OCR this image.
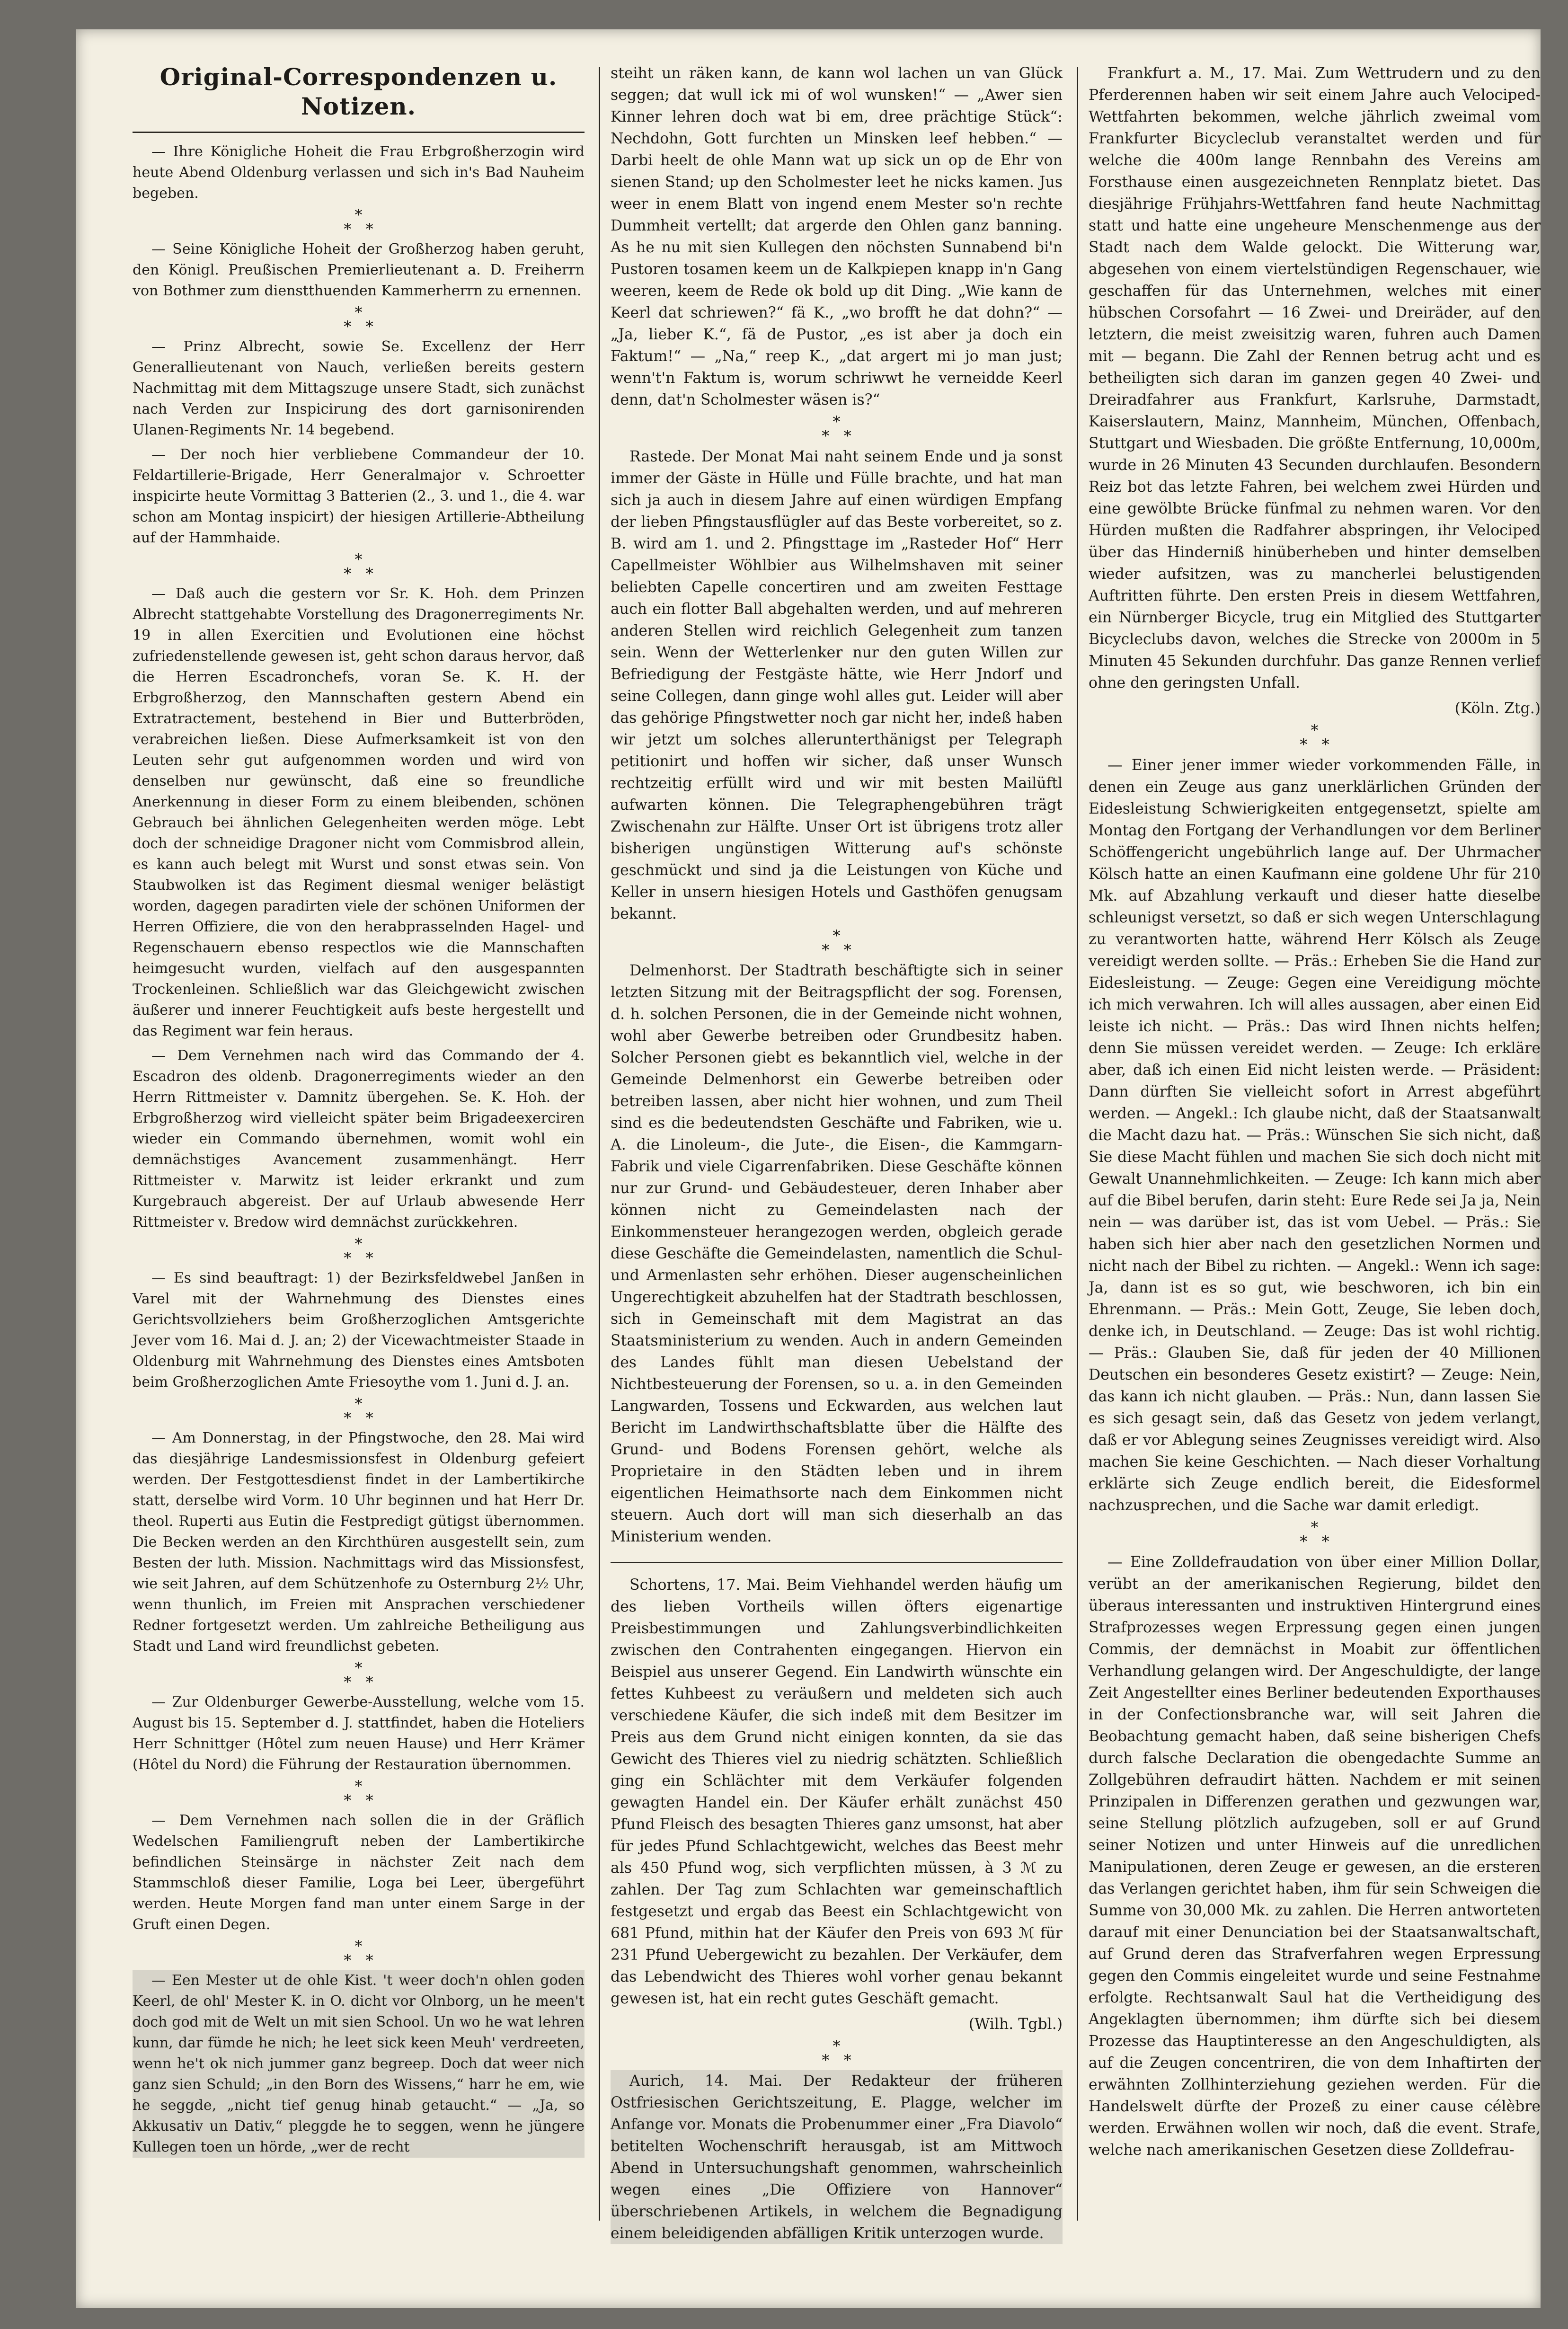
Original-Correspondenzen u. Notizen.

— Ihre Königliche Hoheit die Frau Erbgroßherzogin wird heute Abend Oldenburg verlassen und sich in's Bad Nauheim begeben.

*
*   *

— Seine Königliche Hoheit der Großherzog haben geruht, den Königl. Preußischen Premierlieutenant a. D. Freiherrn von Bothmer zum dienstthuenden Kammerherrn zu ernennen.

*
*   *

— Prinz Albrecht, sowie Se. Excellenz der Herr Generallieutenant von Nauch, verließen bereits gestern Nachmittag mit dem Mittagszuge unsere Stadt, sich zunächst nach Verden zur Inspicirung des dort garnisonirenden Ulanen-Regiments Nr. 14 begebend.

— Der noch hier verbliebene Commandeur der 10. Feldartillerie-Brigade, Herr Generalmajor v. Schroetter inspicirte heute Vormittag 3 Batterien (2., 3. und 1., die 4. war schon am Montag inspicirt) der hiesigen Artillerie-Abtheilung auf der Hammhaide.

*
*   *

— Daß auch die gestern vor Sr. K. Hoh. dem Prinzen Albrecht stattgehabte Vorstellung des Dragonerregiments Nr. 19 in allen Exercitien und Evolutionen eine höchst zufriedenstellende gewesen ist, geht schon daraus hervor, daß die Herren Escadronchefs, voran Se. K. H. der Erbgroßherzog, den Mannschaften gestern Abend ein Extratractement, bestehend in Bier und Butterbröden, verabreichen ließen. Diese Aufmerksamkeit ist von den Leuten sehr gut aufgenommen worden und wird von denselben nur gewünscht, daß eine so freundliche Anerkennung in dieser Form zu einem bleibenden, schönen Gebrauch bei ähnlichen Gelegenheiten werden möge. Lebt doch der schneidige Dragoner nicht vom Commisbrod allein, es kann auch belegt mit Wurst und sonst etwas sein. Von Staubwolken ist das Regiment diesmal weniger belästigt worden, dagegen paradirten viele der schönen Uniformen der Herren Offiziere, die von den herabprasselnden Hagel- und Regenschauern ebenso respectlos wie die Mannschaften heimgesucht wurden, vielfach auf den ausgespannten Trockenleinen. Schließlich war das Gleichgewicht zwischen äußerer und innerer Feuchtigkeit aufs beste hergestellt und das Regiment war fein heraus.

— Dem Vernehmen nach wird das Commando der 4. Escadron des oldenb. Dragonerregiments wieder an den Herrn Rittmeister v. Damnitz übergehen. Se. K. Hoh. der Erbgroßherzog wird vielleicht später beim Brigadeexerciren wieder ein Commando übernehmen, womit wohl ein demnächstiges Avancement zusammenhängt. Herr Rittmeister v. Marwitz ist leider erkrankt und zum Kurgebrauch abgereist. Der auf Urlaub abwesende Herr Rittmeister v. Bredow wird demnächst zurückkehren.

*
*   *

— Es sind beauftragt: 1) der Bezirksfeldwebel Janßen in Varel mit der Wahrnehmung des Dienstes eines Gerichtsvollziehers beim Großherzoglichen Amtsgerichte Jever vom 16. Mai d. J. an; 2) der Vicewachtmeister Staade in Oldenburg mit Wahrnehmung des Dienstes eines Amtsboten beim Großherzoglichen Amte Friesoythe vom 1. Juni d. J. an.

*
*   *

— Am Donnerstag, in der Pfingstwoche, den 28. Mai wird das diesjährige Landesmissionsfest in Oldenburg gefeiert werden. Der Festgottesdienst findet in der Lambertikirche statt, derselbe wird Vorm. 10 Uhr beginnen und hat Herr Dr. theol. Ruperti aus Eutin die Festpredigt gütigst übernommen. Die Becken werden an den Kirchthüren ausgestellt sein, zum Besten der luth. Mission. Nachmittags wird das Missionsfest, wie seit Jahren, auf dem Schützenhofe zu Osternburg 2½ Uhr, wenn thunlich, im Freien mit Ansprachen verschiedener Redner fortgesetzt werden. Um zahlreiche Betheiligung aus Stadt und Land wird freundlichst gebeten.

*
*   *

— Zur Oldenburger Gewerbe-Ausstellung, welche vom 15. August bis 15. September d. J. stattfindet, haben die Hoteliers Herr Schnittger (Hôtel zum neuen Hause) und Herr Krämer (Hôtel du Nord) die Führung der Restauration übernommen.

*
*   *

— Dem Vernehmen nach sollen die in der Gräflich Wedelschen Familiengruft neben der Lambertikirche befindlichen Steinsärge in nächster Zeit nach dem Stammschloß dieser Familie, Loga bei Leer, übergeführt werden. Heute Morgen fand man unter einem Sarge in der Gruft einen Degen.

*
*   *

— Een Mester ut de ohle Kist. 't weer doch'n ohlen goden Keerl, de ohl' Mester K. in O. dicht vor Olnborg, un he meen't doch god mit de Welt un mit sien School. Un wo he wat lehren kunn, dar fümde he nich; he leet sick keen Meuh' verdreeten, wenn he't ok nich jummer ganz begreep. Doch dat weer nich ganz sien Schuld; „in den Born des Wissens,“ harr he em, wie he seggde, „nicht tief genug hinab getaucht.“ — „Ja, so Akkusativ un Dativ,“ pleggde he to seggen, wenn he jüngere Kullegen toen un hörde, „wer de recht

steiht un räken kann, de kann wol lachen un van Glück seggen; dat wull ick mi of wol wunsken!“ — „Awer sien Kinner lehren doch wat bi em, dree prächtige Stück“: Nechdohn, Gott furchten un Minsken leef hebben.“ — Darbi heelt de ohle Mann wat up sick un op de Ehr von sienen Stand; up den Scholmester leet he nicks kamen. Jus weer in enem Blatt von ingend enem Mester so'n rechte Dummheit vertellt; dat argerde den Ohlen ganz banning. As he nu mit sien Kullegen den nöchsten Sunnabend bi'n Pustoren tosamen keem un de Kalkpiepen knapp in'n Gang weeren, keem de Rede ok bold up dit Ding. „Wie kann de Keerl dat schriewen?“ fä K., „wo brofft he dat dohn?“ — „Ja, lieber K.“, fä de Pustor, „es ist aber ja doch ein Faktum!“ — „Na,“ reep K., „dat argert mi jo man just; wenn't'n Faktum is, worum schriwwt he verneidde Keerl denn, dat'n Scholmester wäsen is?“

*
*   *

Rastede. Der Monat Mai naht seinem Ende und ja sonst immer der Gäste in Hülle und Fülle brachte, und hat man sich ja auch in diesem Jahre auf einen würdigen Empfang der lieben Pfingstausflügler auf das Beste vorbereitet, so z. B. wird am 1. und 2. Pfingsttage im „Rasteder Hof“ Herr Capellmeister Wöhlbier aus Wilhelmshaven mit seiner beliebten Capelle concertiren und am zweiten Festtage auch ein flotter Ball abgehalten werden, und auf mehreren anderen Stellen wird reichlich Gelegenheit zum tanzen sein. Wenn der Wetterlenker nur den guten Willen zur Befriedigung der Festgäste hätte, wie Herr Jndorf und seine Collegen, dann ginge wohl alles gut. Leider will aber das gehörige Pfingstwetter noch gar nicht her, indeß haben wir jetzt um solches allerunterthänigst per Telegraph petitionirt und hoffen wir sicher, daß unser Wunsch rechtzeitig erfüllt wird und wir mit besten Mailüftl aufwarten können. Die Telegraphengebühren trägt Zwischenahn zur Hälfte. Unser Ort ist übrigens trotz aller bisherigen ungünstigen Witterung auf's schönste geschmückt und sind ja die Leistungen von Küche und Keller in unsern hiesigen Hotels und Gasthöfen genugsam bekannt.

*
*   *

Delmenhorst. Der Stadtrath beschäftigte sich in seiner letzten Sitzung mit der Beitragspflicht der sog. Forensen, d. h. solchen Personen, die in der Gemeinde nicht wohnen, wohl aber Gewerbe betreiben oder Grundbesitz haben. Solcher Personen giebt es bekanntlich viel, welche in der Gemeinde Delmenhorst ein Gewerbe betreiben oder betreiben lassen, aber nicht hier wohnen, und zum Theil sind es die bedeutendsten Geschäfte und Fabriken, wie u. A. die Linoleum-, die Jute-, die Eisen-, die Kammgarn-Fabrik und viele Cigarrenfabriken. Diese Geschäfte können nur zur Grund- und Gebäudesteuer, deren Inhaber aber können nicht zu Gemeindelasten nach der Einkommensteuer herangezogen werden, obgleich gerade diese Geschäfte die Gemeindelasten, namentlich die Schul- und Armenlasten sehr erhöhen. Dieser augenscheinlichen Ungerechtigkeit abzuhelfen hat der Stadtrath beschlossen, sich in Gemeinschaft mit dem Magistrat an das Staatsministerium zu wenden. Auch in andern Gemeinden des Landes fühlt man diesen Uebelstand der Nichtbesteuerung der Forensen, so u. a. in den Gemeinden Langwarden, Tossens und Eckwarden, aus welchen laut Bericht im Landwirthschaftsblatte über die Hälfte des Grund- und Bodens Forensen gehört, welche als Proprietaire in den Städten leben und in ihrem eigentlichen Heimathsorte nach dem Einkommen nicht steuern. Auch dort will man sich dieserhalb an das Ministerium wenden.

Schortens, 17. Mai. Beim Viehhandel werden häufig um des lieben Vortheils willen öfters eigenartige Preisbestimmungen und Zahlungsverbindlichkeiten zwischen den Contrahenten eingegangen. Hiervon ein Beispiel aus unserer Gegend. Ein Landwirth wünschte ein fettes Kuhbeest zu veräußern und meldeten sich auch verschiedene Käufer, die sich indeß mit dem Besitzer im Preis aus dem Grund nicht einigen konnten, da sie das Gewicht des Thieres viel zu niedrig schätzten. Schließlich ging ein Schlächter mit dem Verkäufer folgenden gewagten Handel ein. Der Käufer erhält zunächst 450 Pfund Fleisch des besagten Thieres ganz umsonst, hat aber für jedes Pfund Schlachtgewicht, welches das Beest mehr als 450 Pfund wog, sich verpflichten müssen, à 3 ℳ zu zahlen. Der Tag zum Schlachten war gemeinschaftlich festgesetzt und ergab das Beest ein Schlachtgewicht von 681 Pfund, mithin hat der Käufer den Preis von 693 ℳ für 231 Pfund Uebergewicht zu bezahlen. Der Verkäufer, dem das Lebendwicht des Thieres wohl vorher genau bekannt gewesen ist, hat ein recht gutes Geschäft gemacht.

(Wilh. Tgbl.)
*
*   *

Aurich, 14. Mai. Der Redakteur der früheren Ostfriesischen Gerichtszeitung, E. Plagge, welcher im Anfange vor. Monats die Probenummer einer „Fra Diavolo“ betitelten Wochenschrift herausgab, ist am Mittwoch Abend in Untersuchungshaft genommen, wahrscheinlich wegen eines „Die Offiziere von Hannover“ überschriebenen Artikels, in welchem die Begnadigung einem beleidigenden abfälligen Kritik unterzogen wurde.

Frankfurt a. M., 17. Mai. Zum Wettrudern und zu den Pferderennen haben wir seit einem Jahre auch Velociped-Wettfahrten bekommen, welche jährlich zweimal vom Frankfurter Bicycleclub veranstaltet werden und für welche die 400m lange Rennbahn des Vereins am Forsthause einen ausgezeichneten Rennplatz bietet. Das diesjährige Frühjahrs-Wettfahren fand heute Nachmittag statt und hatte eine ungeheure Menschenmenge aus der Stadt nach dem Walde gelockt. Die Witterung war, abgesehen von einem viertelstündigen Regenschauer, wie geschaffen für das Unternehmen, welches mit einer hübschen Corsofahrt — 16 Zwei- und Dreiräder, auf den letztern, die meist zweisitzig waren, fuhren auch Damen mit — begann. Die Zahl der Rennen betrug acht und es betheiligten sich daran im ganzen gegen 40 Zwei- und Dreiradfahrer aus Frankfurt, Karlsruhe, Darmstadt, Kaiserslautern, Mainz, Mannheim, München, Offenbach, Stuttgart und Wiesbaden. Die größte Entfernung, 10,000m, wurde in 26 Minuten 43 Secunden durchlaufen. Besondern Reiz bot das letzte Fahren, bei welchem zwei Hürden und eine gewölbte Brücke fünfmal zu nehmen waren. Vor den Hürden mußten die Radfahrer abspringen, ihr Velociped über das Hinderniß hinüberheben und hinter demselben wieder aufsitzen, was zu mancherlei belustigenden Auftritten führte. Den ersten Preis in diesem Wettfahren, ein Nürnberger Bicycle, trug ein Mitglied des Stuttgarter Bicycleclubs davon, welches die Strecke von 2000m in 5 Minuten 45 Sekunden durchfuhr. Das ganze Rennen verlief ohne den geringsten Unfall.

(Köln. Ztg.)
*
*   *

— Einer jener immer wieder vorkommenden Fälle, in denen ein Zeuge aus ganz unerklärlichen Gründen der Eidesleistung Schwierigkeiten entgegensetzt, spielte am Montag den Fortgang der Verhandlungen vor dem Berliner Schöffengericht ungebührlich lange auf. Der Uhrmacher Kölsch hatte an einen Kaufmann eine goldene Uhr für 210 Mk. auf Abzahlung verkauft und dieser hatte dieselbe schleunigst versetzt, so daß er sich wegen Unterschlagung zu verantworten hatte, während Herr Kölsch als Zeuge vereidigt werden sollte. — Präs.: Erheben Sie die Hand zur Eidesleistung. — Zeuge: Gegen eine Vereidigung möchte ich mich verwahren. Ich will alles aussagen, aber einen Eid leiste ich nicht. — Präs.: Das wird Ihnen nichts helfen; denn Sie müssen vereidet werden. — Zeuge: Ich erkläre aber, daß ich einen Eid nicht leisten werde. — Präsident: Dann dürften Sie vielleicht sofort in Arrest abgeführt werden. — Angekl.: Ich glaube nicht, daß der Staatsanwalt die Macht dazu hat. — Präs.: Wünschen Sie sich nicht, daß Sie diese Macht fühlen und machen Sie sich doch nicht mit Gewalt Unannehmlichkeiten. — Zeuge: Ich kann mich aber auf die Bibel berufen, darin steht: Eure Rede sei Ja ja, Nein nein — was darüber ist, das ist vom Uebel. — Präs.: Sie haben sich hier aber nach den gesetzlichen Normen und nicht nach der Bibel zu richten. — Angekl.: Wenn ich sage: Ja, dann ist es so gut, wie beschworen, ich bin ein Ehrenmann. — Präs.: Mein Gott, Zeuge, Sie leben doch, denke ich, in Deutschland. — Zeuge: Das ist wohl richtig. — Präs.: Glauben Sie, daß für jeden der 40 Millionen Deutschen ein besonderes Gesetz existirt? — Zeuge: Nein, das kann ich nicht glauben. — Präs.: Nun, dann lassen Sie es sich gesagt sein, daß das Gesetz von jedem verlangt, daß er vor Ablegung seines Zeugnisses vereidigt wird. Also machen Sie keine Geschichten. — Nach dieser Vorhaltung erklärte sich Zeuge endlich bereit, die Eidesformel nachzusprechen, und die Sache war damit erledigt.

*
*   *

— Eine Zolldefraudation von über einer Million Dollar, verübt an der amerikanischen Regierung, bildet den überaus interessanten und instruktiven Hintergrund eines Strafprozesses wegen Erpressung gegen einen jungen Commis, der demnächst in Moabit zur öffentlichen Verhandlung gelangen wird. Der Angeschuldigte, der lange Zeit Angestellter eines Berliner bedeutenden Exporthauses in der Confectionsbranche war, will seit Jahren die Beobachtung gemacht haben, daß seine bisherigen Chefs durch falsche Declaration die obengedachte Summe an Zollgebühren defraudirt hätten. Nachdem er mit seinen Prinzipalen in Differenzen gerathen und gezwungen war, seine Stellung plötzlich aufzugeben, soll er auf Grund seiner Notizen und unter Hinweis auf die unredlichen Manipulationen, deren Zeuge er gewesen, an die ersteren das Verlangen gerichtet haben, ihm für sein Schweigen die Summe von 30,000 Mk. zu zahlen. Die Herren antworteten darauf mit einer Denunciation bei der Staatsanwaltschaft, auf Grund deren das Strafverfahren wegen Erpressung gegen den Commis eingeleitet wurde und seine Festnahme erfolgte. Rechtsanwalt Saul hat die Vertheidigung des Angeklagten übernommen; ihm dürfte sich bei diesem Prozesse das Hauptinteresse an den Angeschuldigten, als auf die Zeugen concentriren, die von dem Inhaftirten der erwähnten Zollhinterziehung geziehen werden. Für die Handelswelt dürfte der Prozeß zu einer cause célèbre werden. Erwähnen wollen wir noch, daß die event. Strafe, welche nach amerikanischen Gesetzen diese Zolldefrau-
